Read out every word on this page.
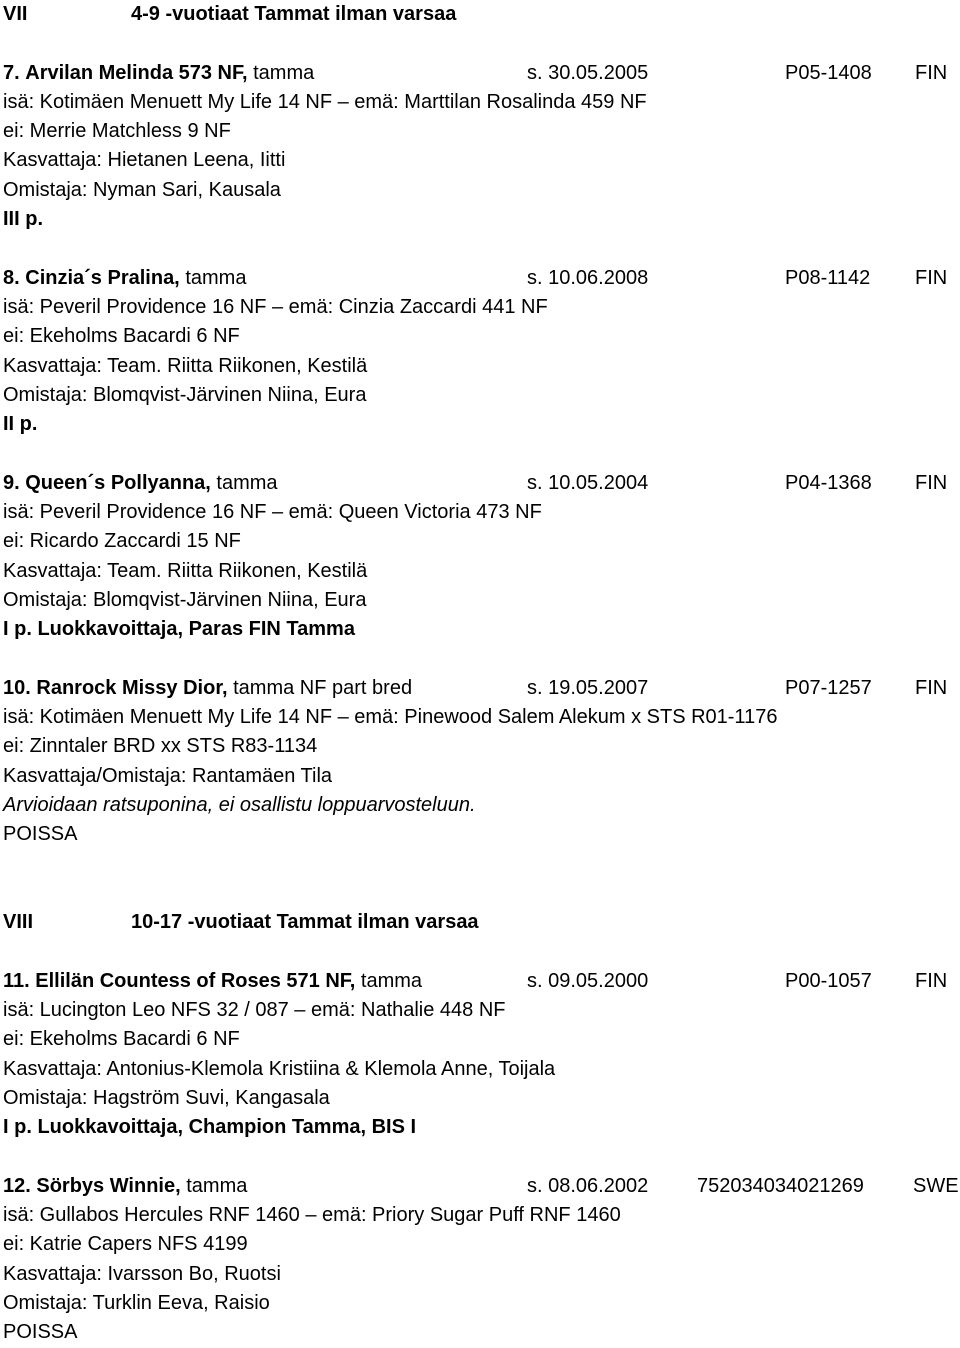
VII	4-9 -vuotiaat Tammat ilman varsaa
7. Arvilan Melinda 573 NF, tamma	s. 30.05.2005	P05-1408 FIN
isä: Kotimäen Menuett My Life 14 NF – emä: Marttilan Rosalinda 459 NF
ei: Merrie Matchless 9 NF
Kasvattaja: Hietanen Leena, Iitti
Omistaja: Nyman Sari, Kausala
III p.
8. Cinzia´s Pralina, tamma	s. 10.06.2008	P08-1142 FIN
isä: Peveril Providence 16 NF – emä: Cinzia Zaccardi 441 NF
ei: Ekeholms Bacardi 6 NF
Kasvattaja: Team. Riitta Riikonen, Kestilä
Omistaja: Blomqvist-Järvinen Niina, Eura
II p.
9. Queen´s Pollyanna, tamma	s. 10.05.2004	P04-1368 FIN
isä: Peveril Providence 16 NF – emä: Queen Victoria 473 NF
ei: Ricardo Zaccardi 15 NF
Kasvattaja: Team. Riitta Riikonen, Kestilä
Omistaja: Blomqvist-Järvinen Niina, Eura
I p. Luokkavoittaja, Paras FIN Tamma
10. Ranrock Missy Dior, tamma NF part bred	s. 19.05.2007	P07-1257 FIN
isä: Kotimäen Menuett My Life 14 NF – emä: Pinewood Salem Alekum x STS R01-1176
ei: Zinntaler BRD xx STS R83-1134
Kasvattaja/Omistaja: Rantamäen Tila
Arvioidaan ratsuponina, ei osallistu loppuarvosteluun.
POISSA
VIII	10-17 -vuotiaat Tammat ilman varsaa
11. Ellilän Countess of Roses 571 NF, tamma	s. 09.05.2000	P00-1057 FIN
isä: Lucington Leo NFS 32 / 087 – emä: Nathalie 448 NF
ei: Ekeholms Bacardi 6 NF
Kasvattaja: Antonius-Klemola Kristiina & Klemola Anne, Toijala
Omistaja: Hagström Suvi, Kangasala
I p. Luokkavoittaja, Champion Tamma, BIS I
12. Sörbys Winnie, tamma	s. 08.06.2002 752034034021269 SWE
isä: Gullabos Hercules RNF 1460 – emä: Priory Sugar Puff RNF 1460
ei: Katrie Capers NFS 4199
Kasvattaja: Ivarsson Bo, Ruotsi
Omistaja: Turklin Eeva, Raisio
POISSA
